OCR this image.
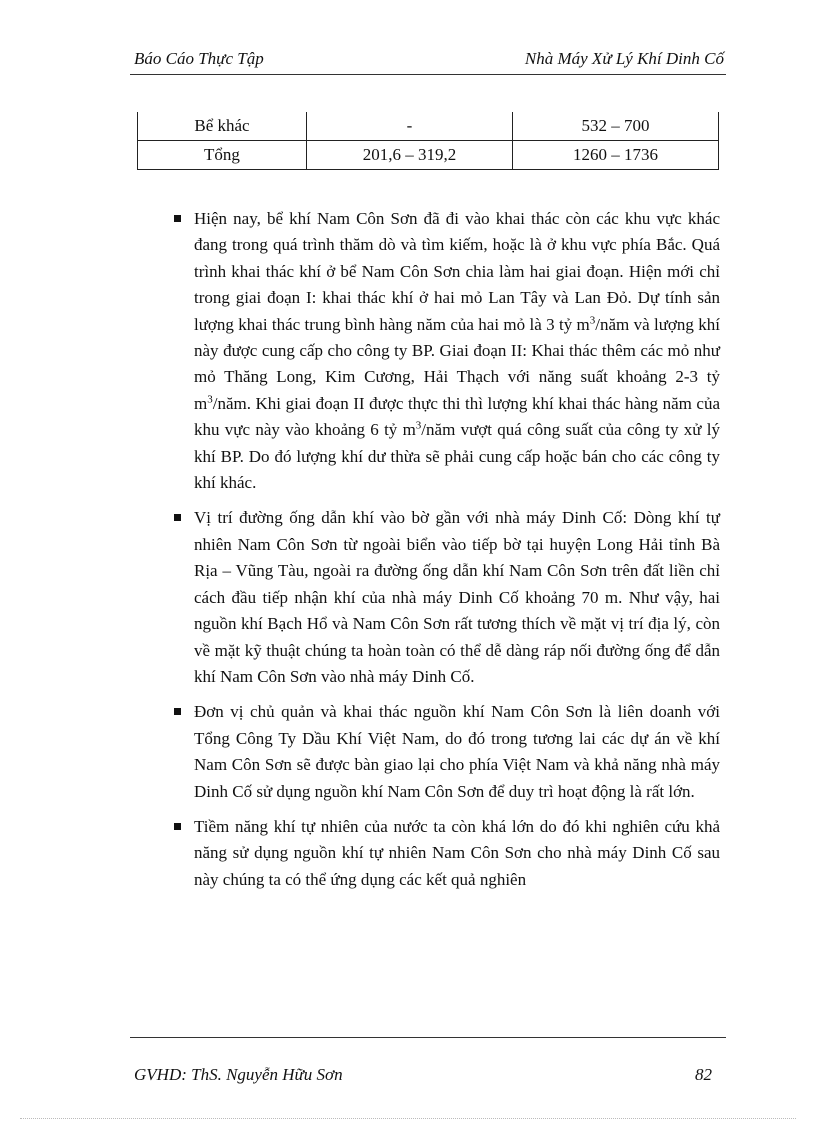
Báo Cáo Thực Tập	Nhà Máy Xử Lý Khí Dinh Cố
Bể khác	-	532 – 700
Tổng	201,6 – 319,2	1260 – 1736
Hiện nay, bể khí Nam Côn Sơn đã đi vào khai thác còn các khu vực khác đang trong quá trình thăm dò và tìm kiếm, hoặc là ở khu vực phía Bắc. Quá trình khai thác khí ở bể Nam Côn Sơn chia làm hai giai đoạn. Hiện mới chỉ trong giai đoạn I: khai thác khí ở hai mỏ Lan Tây và Lan Đỏ. Dự tính sản lượng khai thác trung bình hàng năm của hai mỏ là 3 tỷ $m^3$/năm và lượng khí này được cung cấp cho công ty BP. Giai đoạn II: Khai thác thêm các mỏ như mỏ Thăng Long, Kim Cương, Hải Thạch với năng suất khoảng 2-3 tỷ $m^3$/năm. Khi giai đoạn II được thực thi thì lượng khí khai thác hàng năm của khu vực này vào khoảng 6 tỷ $m^3$/năm vượt quá công suất của công ty xử lý khí BP. Do đó lượng khí dư thừa sẽ phải cung cấp hoặc bán cho các công ty khí khác.
Vị trí đường ống dẫn khí vào bờ gần với nhà máy Dinh Cố: Dòng khí tự nhiên Nam Côn Sơn từ ngoài biển vào tiếp bờ tại huyện Long Hải tỉnh Bà Rịa – Vũng Tàu, ngoài ra đường ống dẫn khí Nam Côn Sơn trên đất liền chỉ cách đầu tiếp nhận khí của nhà máy Dinh Cố khoảng 70 m. Như vậy, hai nguồn khí Bạch Hổ và Nam Côn Sơn rất tương thích về mặt vị trí địa lý, còn về mặt kỹ thuật chúng ta hoàn toàn có thể dễ dàng ráp nối đường ống để dẫn khí Nam Côn Sơn vào nhà máy Dinh Cố.
Đơn vị chủ quản và khai thác nguồn khí Nam Côn Sơn là liên doanh với Tổng Công Ty Dầu Khí Việt Nam, do đó trong tương lai các dự án về khí Nam Côn Sơn sẽ được bàn giao lại cho phía Việt Nam và khả năng nhà máy Dinh Cố sử dụng nguồn khí Nam Côn Sơn để duy trì hoạt động là rất lớn.
Tiềm năng khí tự nhiên của nước ta còn khá lớn do đó khi nghiên cứu khả năng sử dụng nguồn khí tự nhiên Nam Côn Sơn cho nhà máy Dinh Cố sau này chúng ta có thể ứng dụng các kết quả nghiên
GVHD: ThS. Nguyễn Hữu Sơn	82
